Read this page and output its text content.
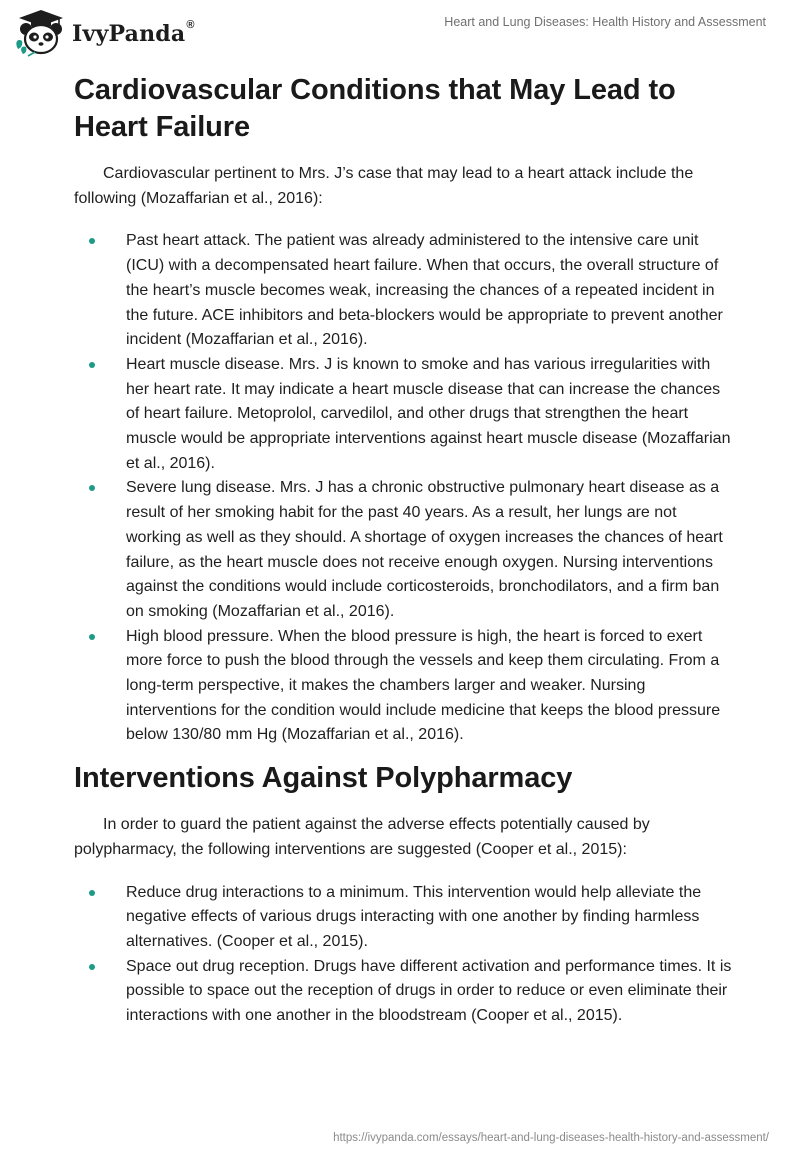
IvyPanda®	Heart and Lung Diseases: Health History and Assessment
Cardiovascular Conditions that May Lead to Heart Failure

Cardiovascular pertinent to Mrs. J’s case that may lead to a heart attack include the following (Mozaffarian et al., 2016):

Past heart attack. The patient was already administered to the intensive care unit (ICU) with a decompensated heart failure. When that occurs, the overall structure of the heart’s muscle becomes weak, increasing the chances of a repeated incident in the future. ACE inhibitors and beta-blockers would be appropriate to prevent another incident (Mozaffarian et al., 2016).
Heart muscle disease. Mrs. J is known to smoke and has various irregularities with her heart rate. It may indicate a heart muscle disease that can increase the chances of heart failure. Metoprolol, carvedilol, and other drugs that strengthen the heart muscle would be appropriate interventions against heart muscle disease (Mozaffarian et al., 2016).
Severe lung disease. Mrs. J has a chronic obstructive pulmonary heart disease as a result of her smoking habit for the past 40 years. As a result, her lungs are not working as well as they should. A shortage of oxygen increases the chances of heart failure, as the heart muscle does not receive enough oxygen. Nursing interventions against the conditions would include corticosteroids, bronchodilators, and a firm ban on smoking (Mozaffarian et al., 2016).
High blood pressure. When the blood pressure is high, the heart is forced to exert more force to push the blood through the vessels and keep them circulating. From a long-term perspective, it makes the chambers larger and weaker. Nursing interventions for the condition would include medicine that keeps the blood pressure below 130/80 mm Hg (Mozaffarian et al., 2016).
Interventions Against Polypharmacy

In order to guard the patient against the adverse effects potentially caused by polypharmacy, the following interventions are suggested (Cooper et al., 2015):

Reduce drug interactions to a minimum. This intervention would help alleviate the negative effects of various drugs interacting with one another by finding harmless alternatives. (Cooper et al., 2015).
Space out drug reception. Drugs have different activation and performance times. It is possible to space out the reception of drugs in order to reduce or even eliminate their interactions with one another in the bloodstream (Cooper et al., 2015).
https://ivypanda.com/essays/heart-and-lung-diseases-health-history-and-assessment/
